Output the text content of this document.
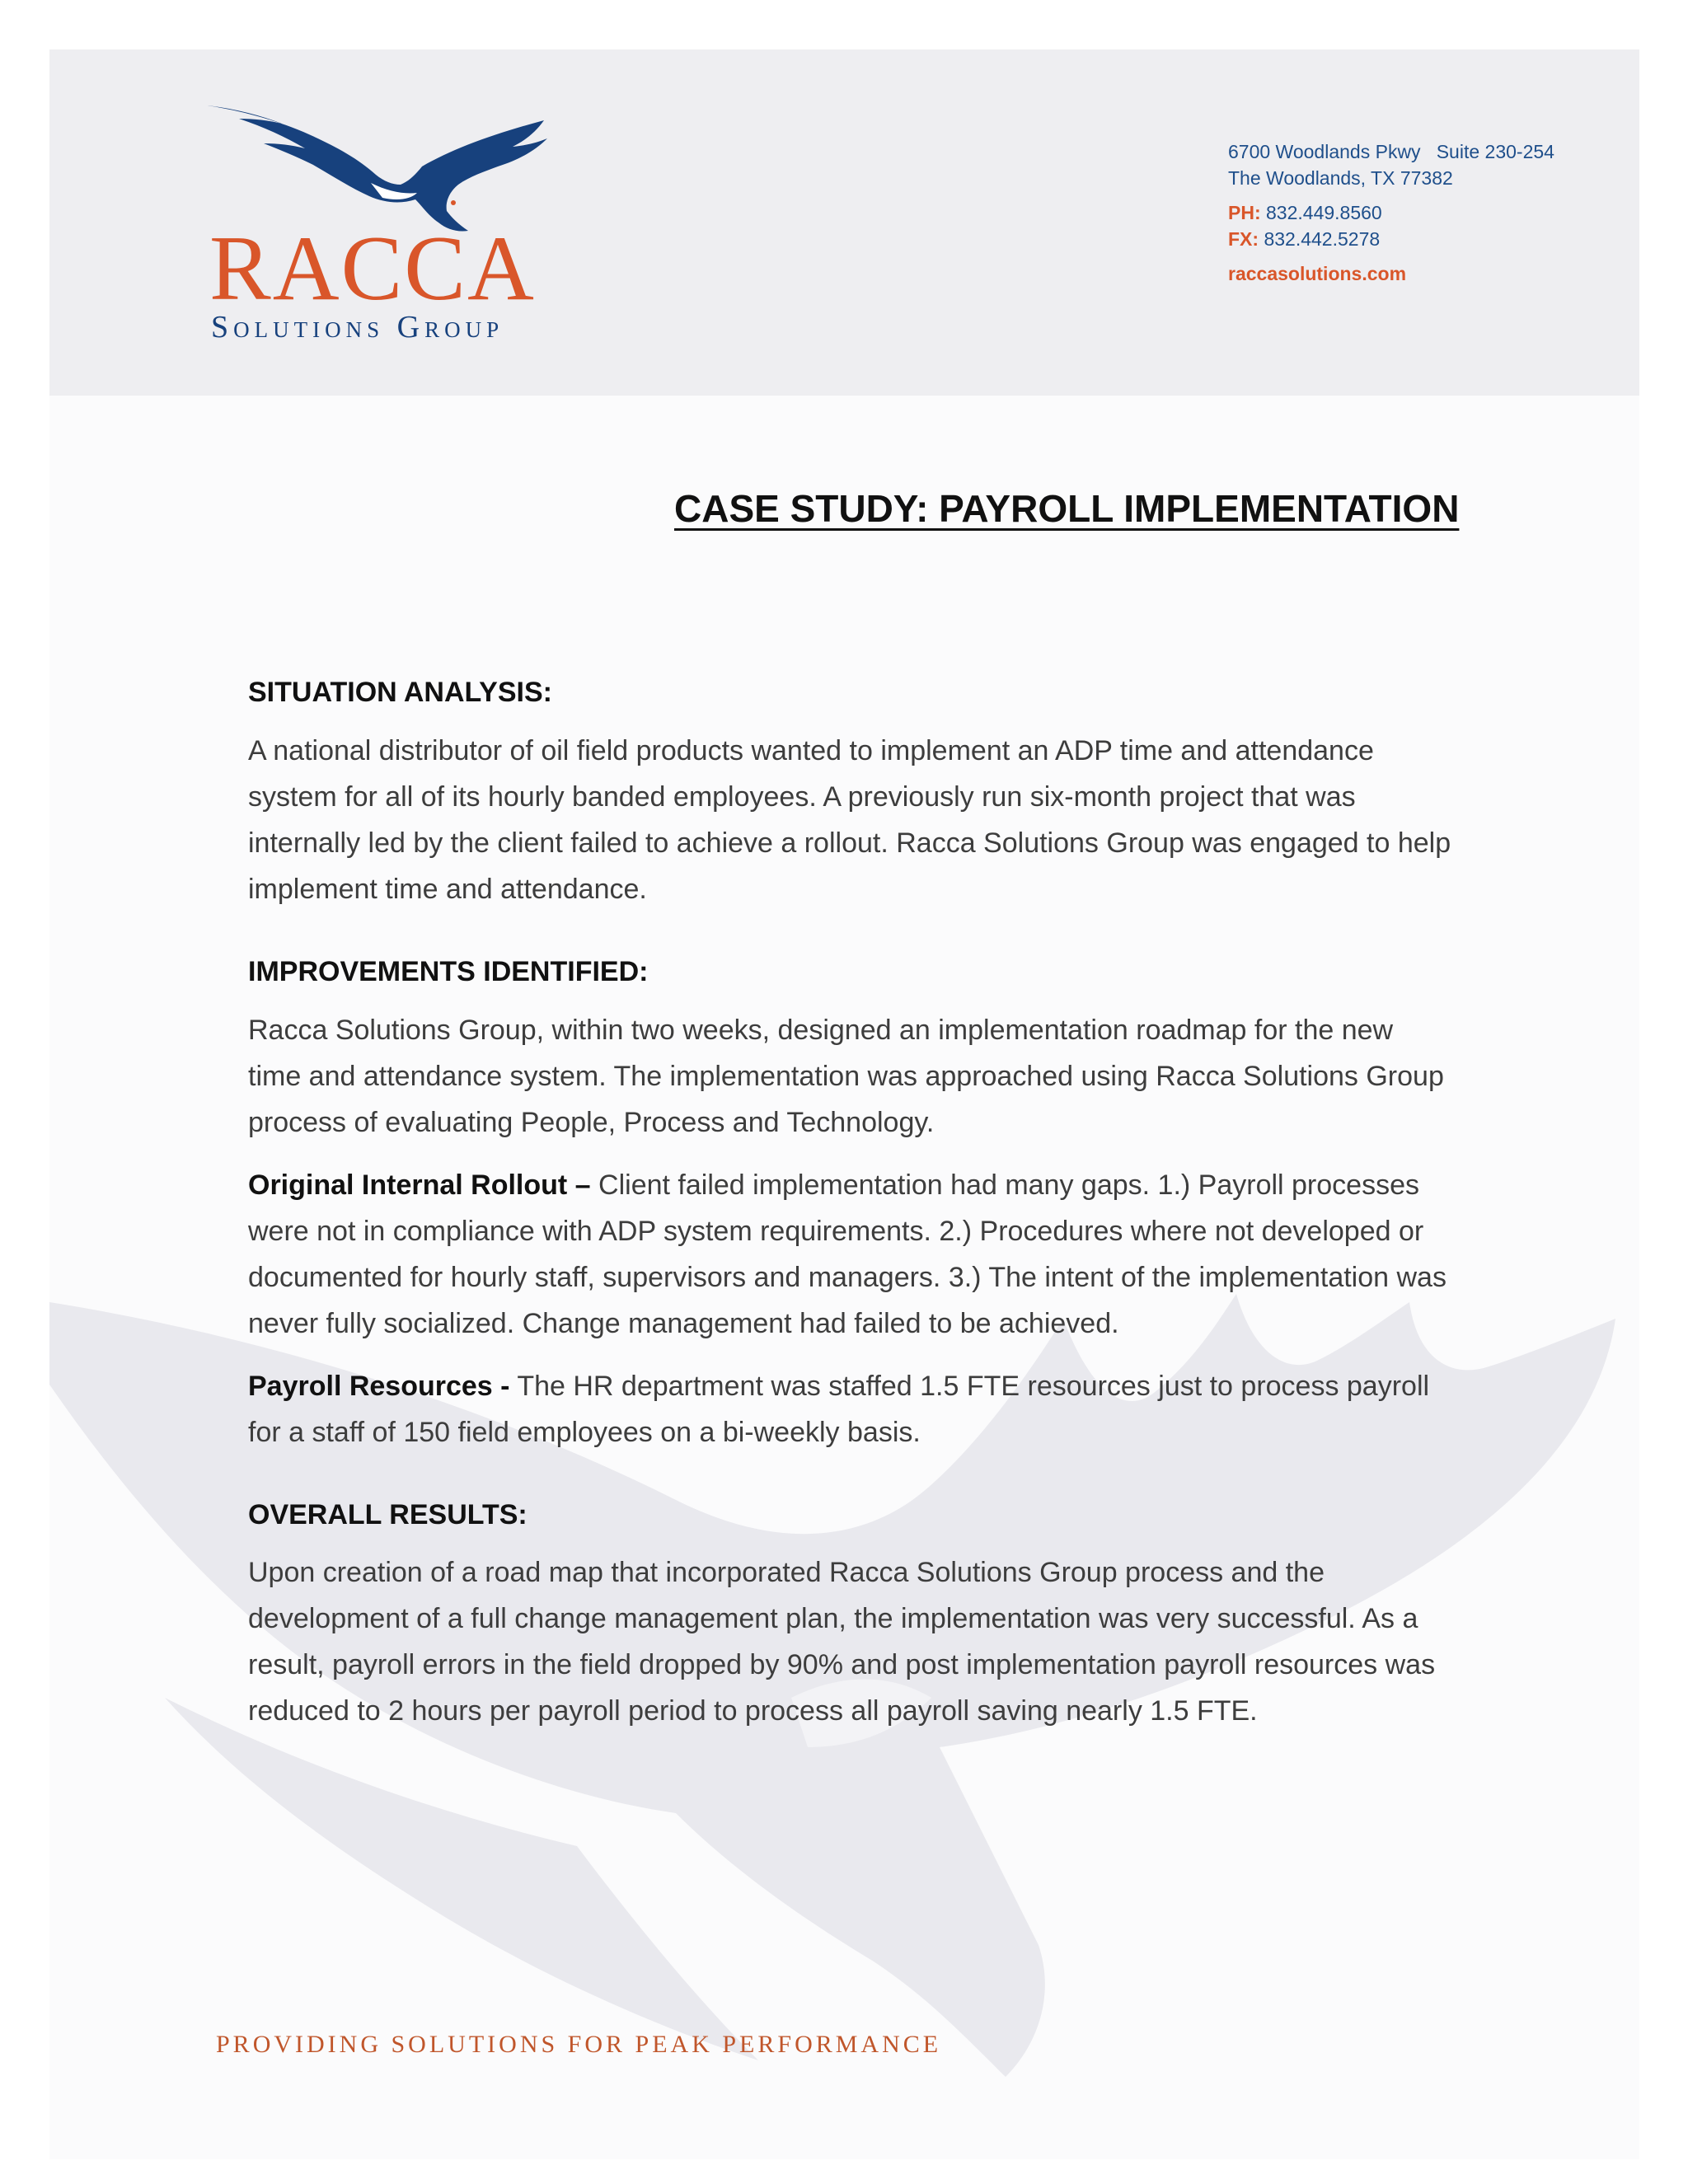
RACCA
Solutions Group
6700 Woodlands Pkwy   Suite 230-254
The Woodlands, TX 77382
PH: 832.449.8560
FX: 832.442.5278
raccasolutions.com
CASE STUDY: PAYROLL IMPLEMENTATION
SITUATION ANALYSIS:

A national distributor of oil field products wanted to implement an ADP time and attendance system for all of its hourly banded employees. A previously run six-month project that was internally led by the client failed to achieve a rollout. Racca Solutions Group was engaged to help implement time and attendance.

IMPROVEMENTS IDENTIFIED:

Racca Solutions Group, within two weeks, designed an implementation roadmap for the new time and attendance system. The implementation was approached using Racca Solutions Group process of evaluating People, Process and Technology.

Original Internal Rollout – Client failed implementation had many gaps. 1.) Payroll processes were not in compliance with ADP system requirements. 2.) Procedures where not developed or documented for hourly staff, supervisors and managers. 3.) The intent of the implementation was never fully socialized. Change management had failed to be achieved.

Payroll Resources - The HR department was staffed 1.5 FTE resources just to process payroll for a staff of 150 field employees on a bi-weekly basis.

OVERALL RESULTS:

Upon creation of a road map that incorporated Racca Solutions Group process and the development of a full change management plan, the implementation was very successful. As a result, payroll errors in the field dropped by 90% and post implementation payroll resources was reduced to 2 hours per payroll period to process all payroll saving nearly 1.5 FTE.

PROVIDING SOLUTIONS FOR PEAK PERFORMANCE
